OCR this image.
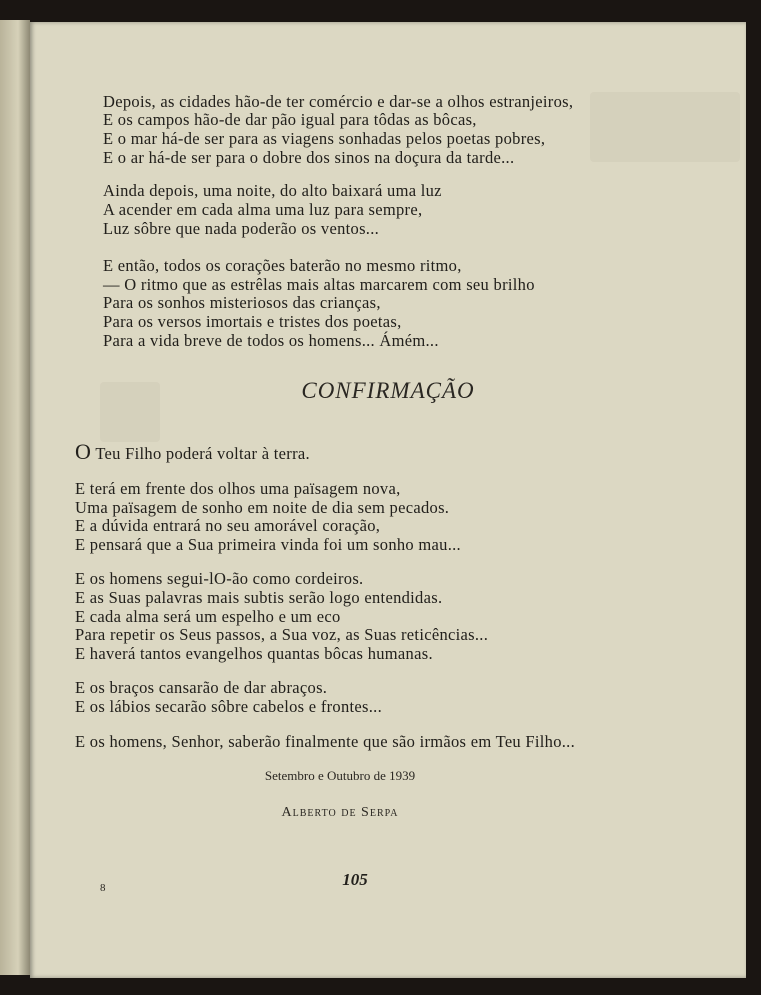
Depois, as cidades hão-de ter comércio e dar-se a olhos estranjeiros,
E os campos hão-de dar pão igual para tôdas as bôcas,
E o mar há-de ser para as viagens sonhadas pelos poetas pobres,
E o ar há-de ser para o dobre dos sinos na doçura da tarde...
Ainda depois, uma noite, do alto baixará uma luz
A acender em cada alma uma luz para sempre,
Luz sôbre que nada poderão os ventos...
E então, todos os corações baterão no mesmo ritmo,
— O ritmo que as estrêlas mais altas marcarem com seu brilho
Para os sonhos misteriosos das crianças,
Para os versos imortais e tristes dos poetas,
Para a vida breve de todos os homens... Ámém...
CONFIRMAÇÃO
O Teu Filho poderá voltar à terra.
E terá em frente dos olhos uma païsagem nova,
Uma païsagem de sonho em noite de dia sem pecados.
E a dúvida entrará no seu amorável coração,
E pensará que a Sua primeira vinda foi um sonho mau...
E os homens segui-lO-ão como cordeiros.
E as Suas palavras mais subtis serão logo entendidas.
E cada alma será um espelho e um eco
Para repetir os Seus passos, a Sua voz, as Suas reticências...
E haverá tantos evangelhos quantas bôcas humanas.
E os braços cansarão de dar abraços.
E os lábios secarão sôbre cabelos e frontes...
E os homens, Senhor, saberão finalmente que são irmãos em Teu Filho...
Setembro e Outubro de 1939
Alberto de Serpa
8	105
